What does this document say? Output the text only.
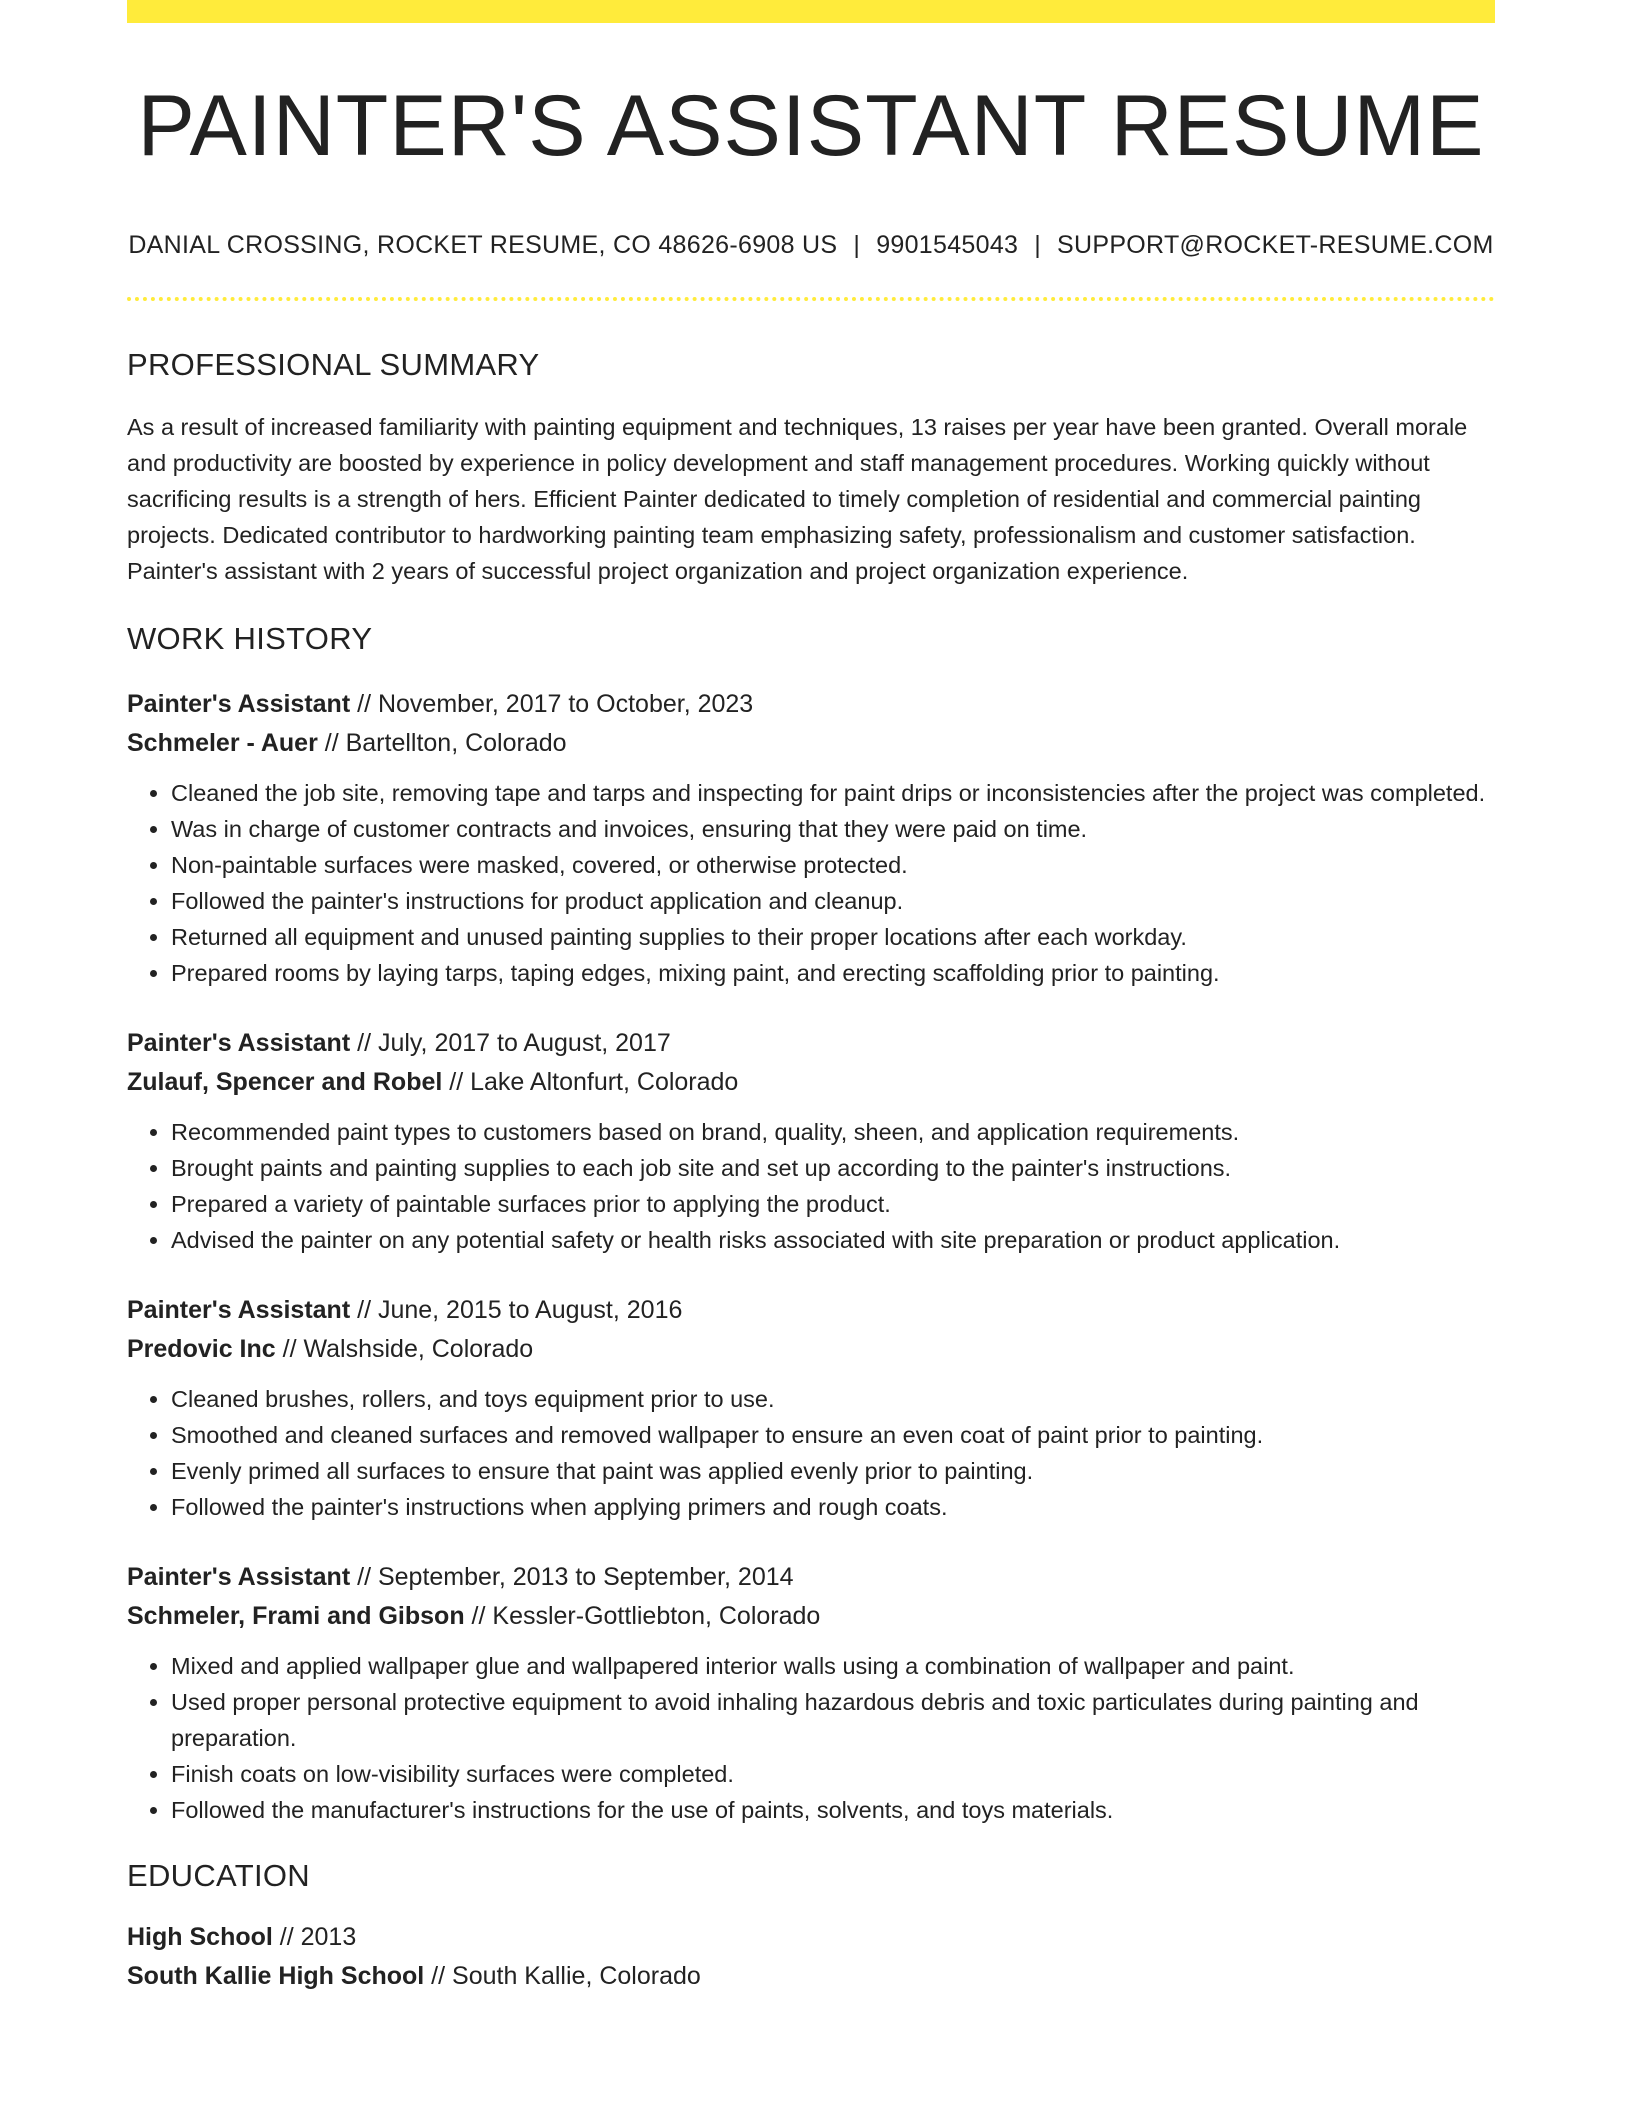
PAINTER'S ASSISTANT RESUME
DANIAL CROSSING, ROCKET RESUME, CO 48626-6908 US | 9901545043 | SUPPORT@ROCKET-RESUME.COM
PROFESSIONAL SUMMARY

As a result of increased familiarity with painting equipment and techniques, 13 raises per year have been granted. Overall morale and productivity are boosted by experience in policy development and staff management procedures. Working quickly without sacrificing results is a strength of hers. Efficient Painter dedicated to timely completion of residential and commercial painting projects. Dedicated contributor to hardworking painting team emphasizing safety, professionalism and customer satisfaction. Painter's assistant with 2 years of successful project organization and project organization experience.

WORK HISTORY
Painter's Assistant // November, 2017 to October, 2023
Schmeler - Auer // Bartellton, Colorado
• Cleaned the job site, removing tape and tarps and inspecting for paint drips or inconsistencies after the project was completed.
• Was in charge of customer contracts and invoices, ensuring that they were paid on time.
• Non-paintable surfaces were masked, covered, or otherwise protected.
• Followed the painter's instructions for product application and cleanup.
• Returned all equipment and unused painting supplies to their proper locations after each workday.
• Prepared rooms by laying tarps, taping edges, mixing paint, and erecting scaffolding prior to painting.
Painter's Assistant // July, 2017 to August, 2017
Zulauf, Spencer and Robel // Lake Altonfurt, Colorado
• Recommended paint types to customers based on brand, quality, sheen, and application requirements.
• Brought paints and painting supplies to each job site and set up according to the painter's instructions.
• Prepared a variety of paintable surfaces prior to applying the product.
• Advised the painter on any potential safety or health risks associated with site preparation or product application.
Painter's Assistant // June, 2015 to August, 2016
Predovic Inc // Walshside, Colorado
• Cleaned brushes, rollers, and toys equipment prior to use.
• Smoothed and cleaned surfaces and removed wallpaper to ensure an even coat of paint prior to painting.
• Evenly primed all surfaces to ensure that paint was applied evenly prior to painting.
• Followed the painter's instructions when applying primers and rough coats.
Painter's Assistant // September, 2013 to September, 2014
Schmeler, Frami and Gibson // Kessler-Gottliebton, Colorado
• Mixed and applied wallpaper glue and wallpapered interior walls using a combination of wallpaper and paint.
• Used proper personal protective equipment to avoid inhaling hazardous debris and toxic particulates during painting and preparation.
• Finish coats on low-visibility surfaces were completed.
• Followed the manufacturer's instructions for the use of paints, solvents, and toys materials.
EDUCATION
High School // 2013
South Kallie High School // South Kallie, Colorado
